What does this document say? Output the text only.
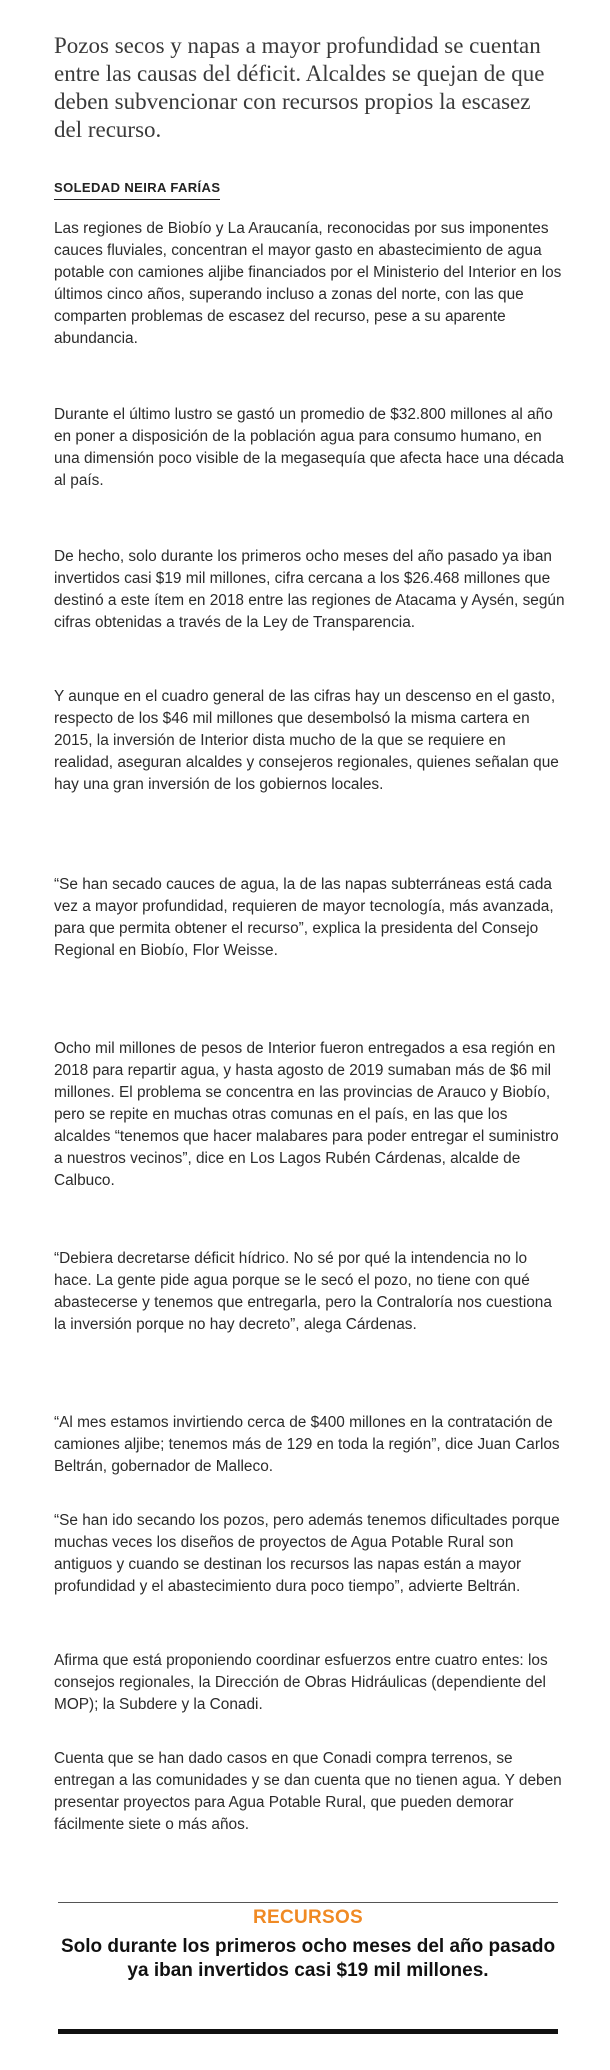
Pozos secos y napas a mayor profundidad se cuentan entre las causas del déficit. Alcaldes se quejan de que deben subvencionar con recursos propios la escasez del recurso.
SOLEDAD NEIRA FARÍAS

Las regiones de Biobío y La Araucanía, reconocidas por sus imponentes cauces fluviales, concentran el mayor gasto en abastecimiento de agua potable con camiones aljibe financiados por el Ministerio del Interior en los últimos cinco años, superando incluso a zonas del norte, con las que comparten problemas de escasez del recurso, pese a su aparente abundancia.

Durante el último lustro se gastó un promedio de $32.800 millones al año en poner a disposición de la población agua para consumo humano, en una dimensión poco visible de la megasequía que afecta hace una década al país.

De hecho, solo durante los primeros ocho meses del año pasado ya iban invertidos casi $19 mil millones, cifra cercana a los $26.468 millones que destinó a este ítem en 2018 entre las regiones de Atacama y Aysén, según cifras obtenidas a través de la Ley de Transparencia.

Y aunque en el cuadro general de las cifras hay un descenso en el gasto, respecto de los $46 mil millones que desembolsó la misma cartera en 2015, la inversión de Interior dista mucho de la que se requiere en realidad, aseguran alcaldes y consejeros regionales, quienes señalan que hay una gran inversión de los gobiernos locales.

“Se han secado cauces de agua, la de las napas subterráneas está cada vez a mayor profundidad, requieren de mayor tecnología, más avanzada, para que permita obtener el recurso”, explica la presidenta del Consejo Regional en Biobío, Flor Weisse.

Ocho mil millones de pesos de Interior fueron entregados a esa región en 2018 para repartir agua, y hasta agosto de 2019 sumaban más de $6 mil millones. El problema se concentra en las provincias de Arauco y Biobío, pero se repite en muchas otras comunas en el país, en las que los alcaldes “tenemos que hacer malabares para poder entregar el suministro a nuestros vecinos”, dice en Los Lagos Rubén Cárdenas, alcalde de Calbuco.

“Debiera decretarse déficit hídrico. No sé por qué la intendencia no lo hace. La gente pide agua porque se le secó el pozo, no tiene con qué abastecerse y tenemos que entregarla, pero la Contraloría nos cuestiona la inversión porque no hay decreto”, alega Cárdenas.

“Al mes estamos invirtiendo cerca de $400 millones en la contratación de camiones aljibe; tenemos más de 129 en toda la región”, dice Juan Carlos Beltrán, gobernador de Malleco.

“Se han ido secando los pozos, pero además tenemos dificultades porque muchas veces los diseños de proyectos de Agua Potable Rural son antiguos y cuando se destinan los recursos las napas están a mayor profundidad y el abastecimiento dura poco tiempo”, advierte Beltrán.

Afirma que está proponiendo coordinar esfuerzos entre cuatro entes: los consejos regionales, la Dirección de Obras Hidráulicas (dependiente del MOP); la Subdere y la Conadi.

Cuenta que se han dado casos en que Conadi compra terrenos, se entregan a las comunidades y se dan cuenta que no tienen agua. Y deben presentar proyectos para Agua Potable Rural, que pueden demorar fácilmente siete o más años.

RECURSOS

Solo durante los primeros ocho meses del año pasado ya iban invertidos casi $19 mil millones.
